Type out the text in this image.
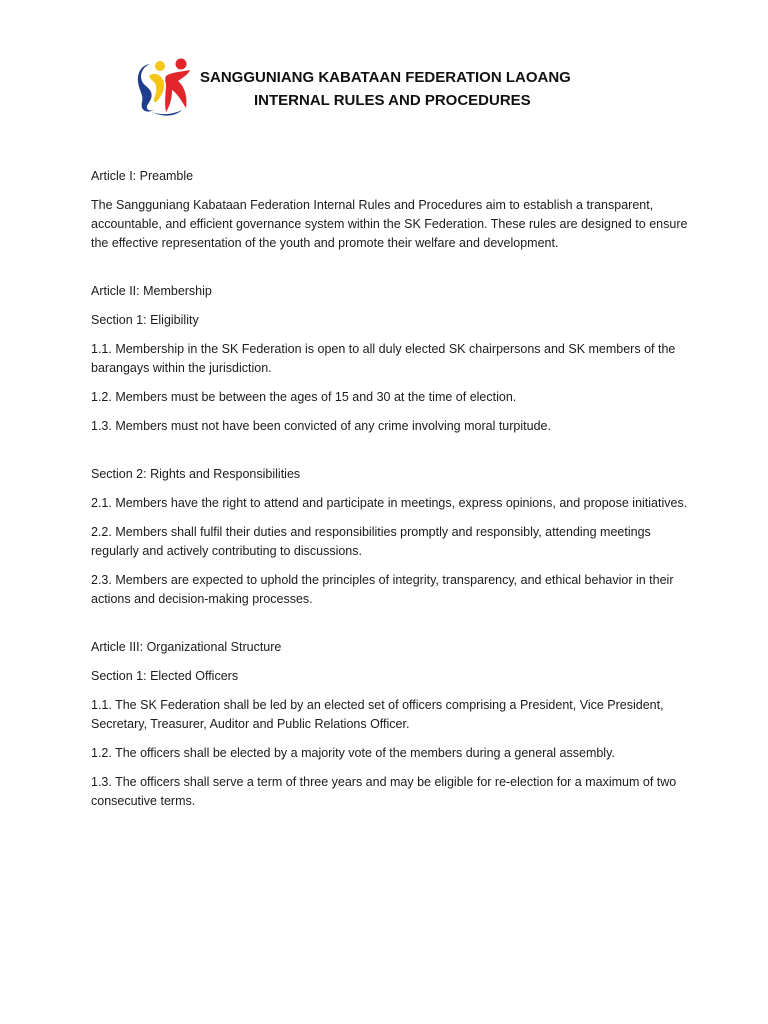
SANGGUNIANG KABATAAN FEDERATION LAOANG
INTERNAL RULES AND PROCEDURES

Article I: Preamble

The Sangguniang Kabataan Federation Internal Rules and Procedures aim to establish a transparent, accountable, and efficient governance system within the SK Federation. These rules are designed to ensure the effective representation of the youth and promote their welfare and development.

Article II: Membership

Section 1: Eligibility

1.1. Membership in the SK Federation is open to all duly elected SK chairpersons and SK members of the barangays within the jurisdiction.

1.2. Members must be between the ages of 15 and 30 at the time of election.

1.3. Members must not have been convicted of any crime involving moral turpitude.

Section 2: Rights and Responsibilities

2.1. Members have the right to attend and participate in meetings, express opinions, and propose initiatives.

2.2. Members shall fulfil their duties and responsibilities promptly and responsibly, attending meetings regularly and actively contributing to discussions.

2.3. Members are expected to uphold the principles of integrity, transparency, and ethical behavior in their actions and decision-making processes.

Article III: Organizational Structure

Section 1: Elected Officers

1.1. The SK Federation shall be led by an elected set of officers comprising a President, Vice President, Secretary, Treasurer, Auditor and Public Relations Officer.

1.2. The officers shall be elected by a majority vote of the members during a general assembly.

1.3. The officers shall serve a term of three years and may be eligible for re-election for a maximum of two consecutive terms.
